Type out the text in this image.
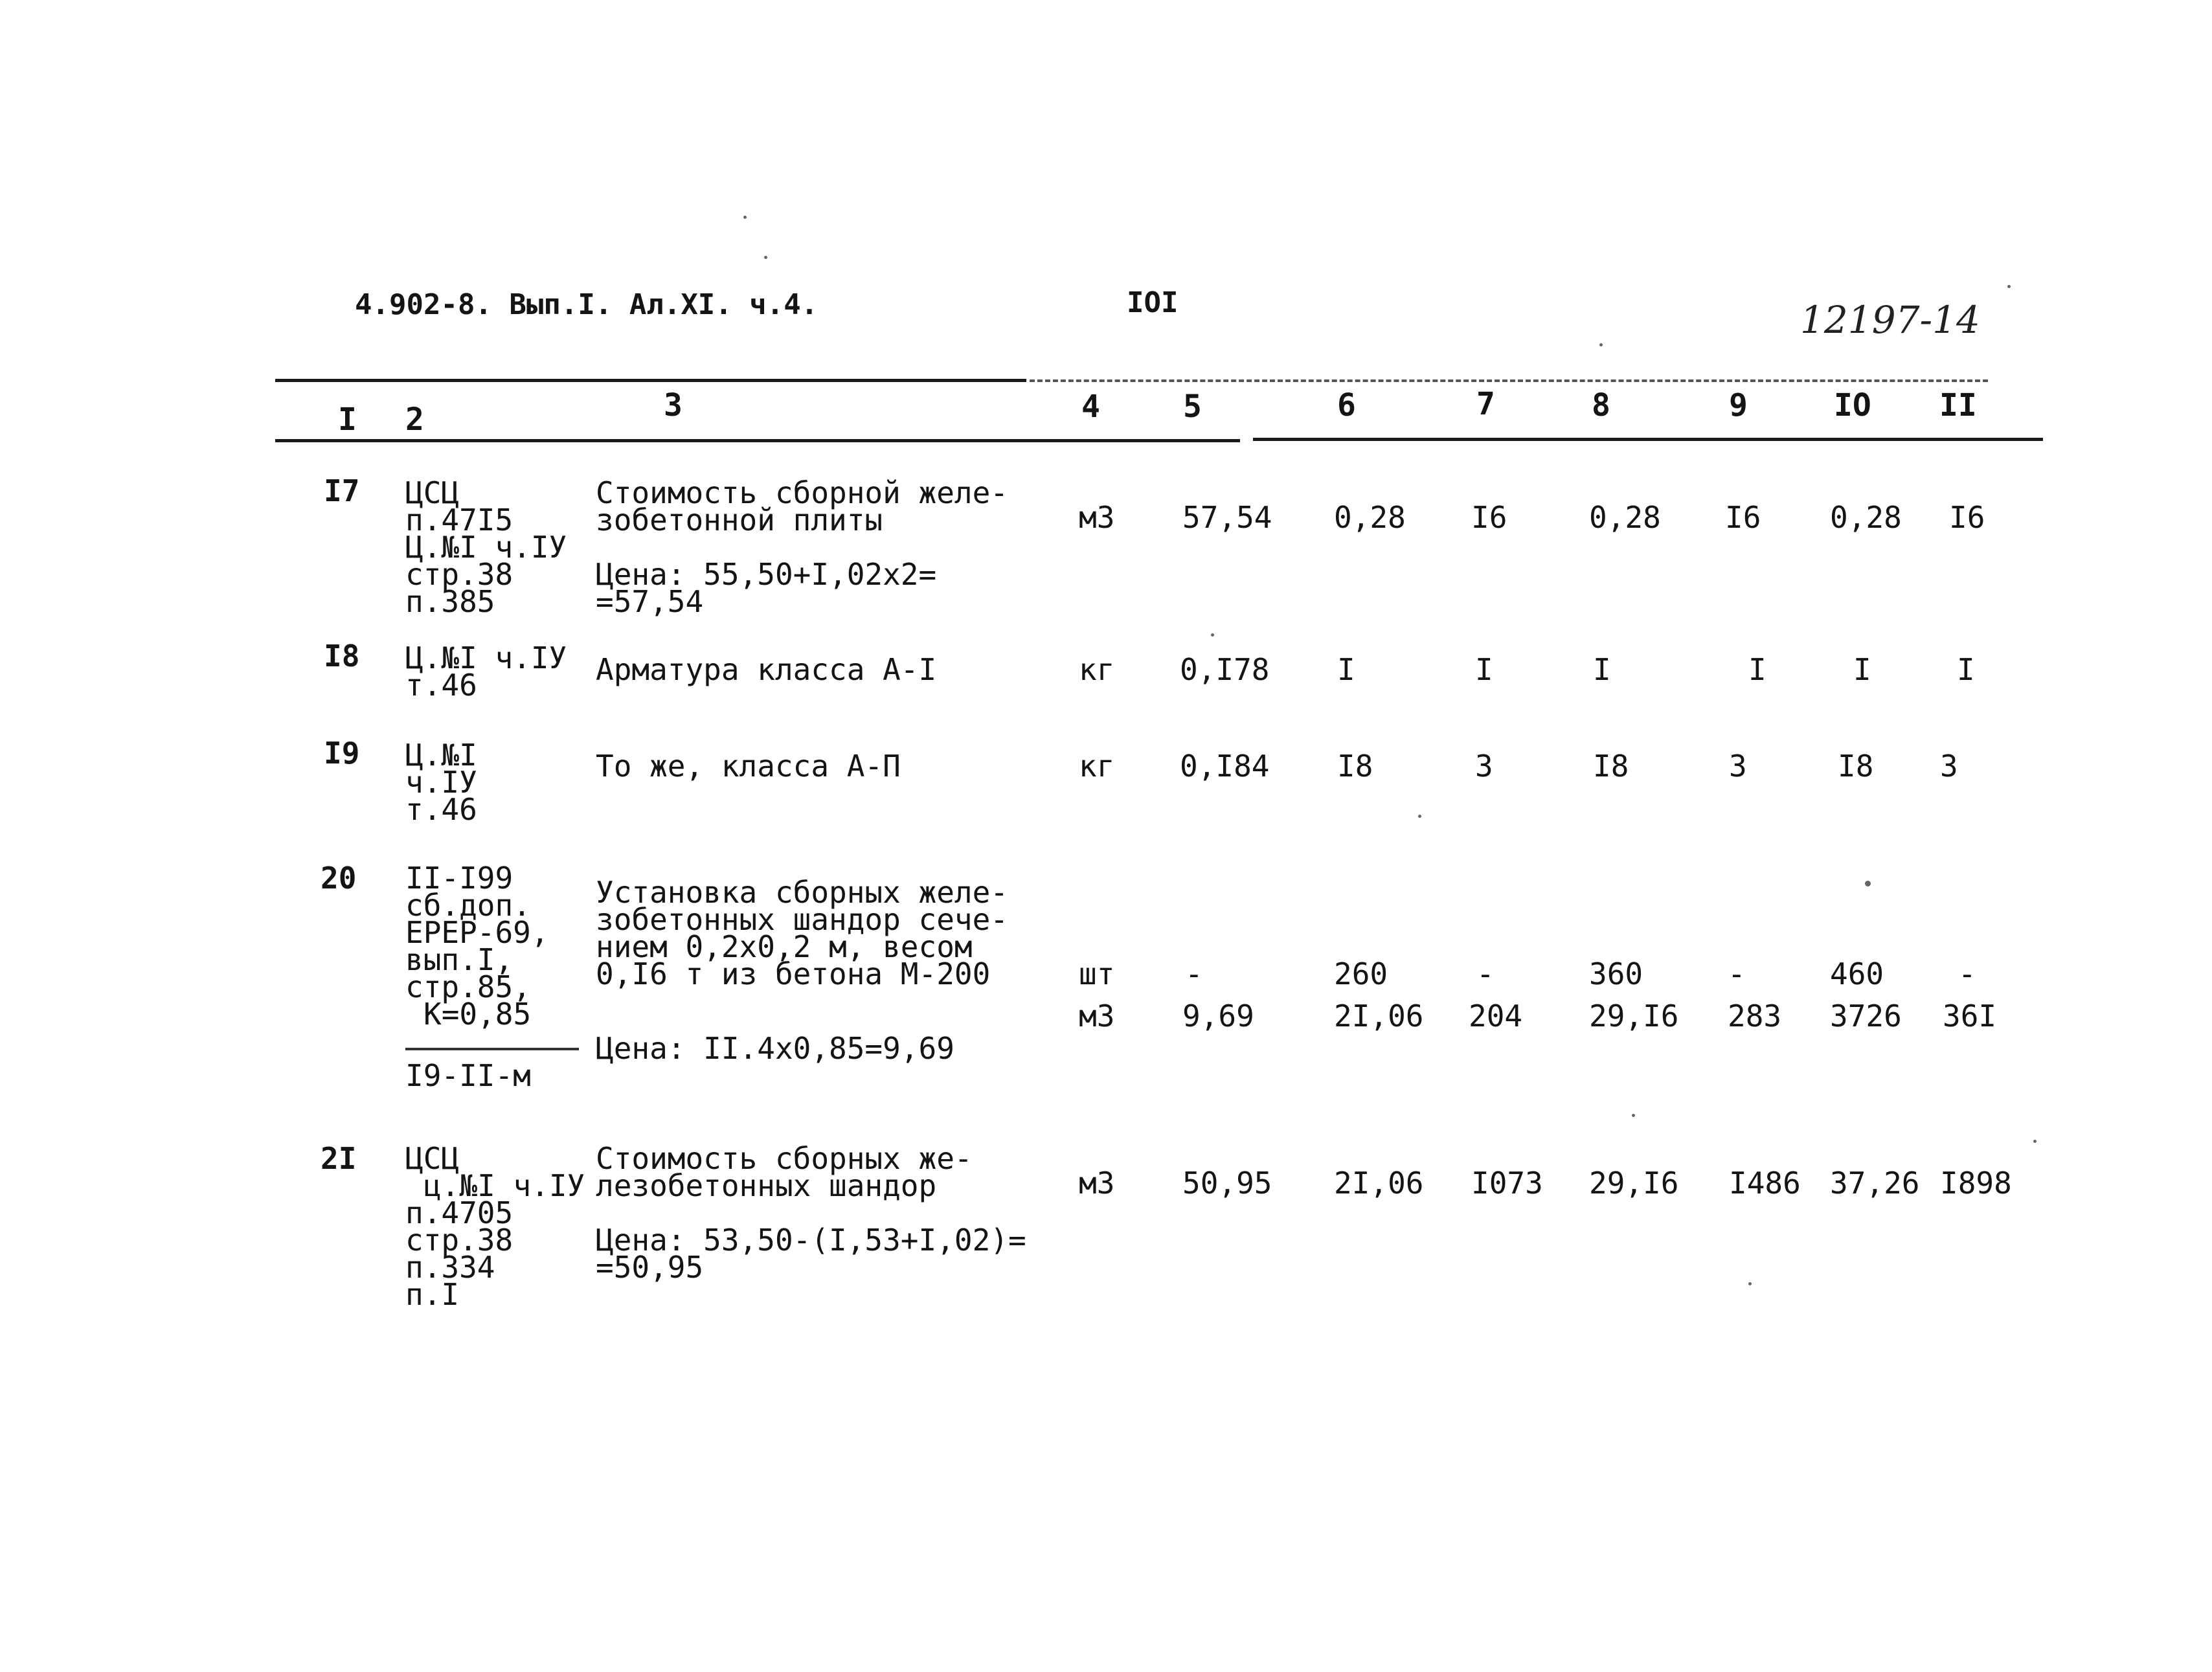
4.902-8. Вып.I. Ал.XI. ч.4.	IOI	12197-14
I 2	3	4	5	6	7	8	9	IO II
I7 ЦСЦ
п.47I5
Ц.№I ч.IУ
стр.38
п.385
Стоимость сборной желе-
зобетонной плиты

Цена: 55,50+I,02x2=
=57,54
м3 57,54 0,28 I6	0,28 I6 0,28 I6
I8 Ц.№I ч.IУ
т.46	Арматура класса А-I	кг 0,I78 I	I	I	I	I	I
I9 Ц.№I
ч.IУ
т.46
То же, класса А-П	кг 0,I84 I8	3	I8	3	I8 3
20 II-I99
сб.доп.
ЕРЕР-69,
вып.I,
стр.85,
К=0,85
I9-II-м
Установка сборных желе-
зобетонных шандор сече-
нием 0,2x0,2 м, весом
0,I6 т из бетона М-200
Цена: II.4x0,85=9,69
шт -	260	-	360	-	460 -
м3 9,69	2I,06 204 29,I6 283 3726 36I
2I ЦСЦ
ц.№I ч.IУ
п.4705
стр.38
п.334
п.I
Стоимость сборных же-
лезобетонных шандор

Цена: 53,50-(I,53+I,02)=
=50,95
м3 50,95 2I,06 I073 29,I6 I486 37,26 I898
